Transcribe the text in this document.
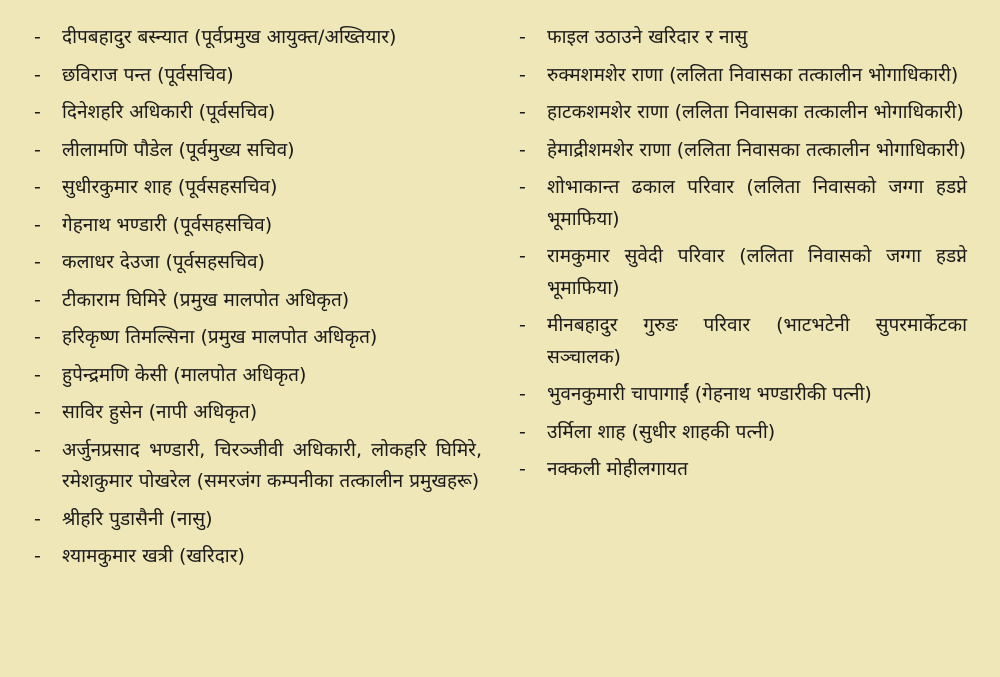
-	दीपबहादुर बस्न्यात (पूर्वप्रमुख आयुक्त/अख्तियार)
-	छविराज पन्त (पूर्वसचिव)
-	दिनेशहरि अधिकारी (पूर्वसचिव)
-	लीलामणि पौडेल (पूर्वमुख्य सचिव)
-	सुधीरकुमार शाह (पूर्वसहसचिव)
-	गेहनाथ भण्डारी (पूर्वसहसचिव)
-	कलाधर देउजा (पूर्वसहसचिव)
-	टीकाराम घिमिरे (प्रमुख मालपोत अधिकृत)
-	हरिकृष्ण तिमल्सिना (प्रमुख मालपोत अधिकृत)
-	हुपेन्द्रमणि केसी (मालपोत अधिकृत)
-	साविर हुसेन (नापी अधिकृत)
-	अर्जुनप्रसाद भण्डारी, चिरञ्जीवी अधिकारी, लोकहरि घिमिरे, रमेशकुमार पोखरेल (समरजंग कम्पनीका तत्कालीन प्रमुखहरू)
-	श्रीहरि पुडासैनी (नासु)
-	श्यामकुमार खत्री (खरिदार)
-	फाइल उठाउने खरिदार र नासु
-	रुक्मशमशेर राणा (ललिता निवासका तत्कालीन भोगाधिकारी)
-	हाटकशमशेर राणा (ललिता निवासका तत्कालीन भोगाधिकारी)
-	हेमाद्रीशमशेर राणा (ललिता निवासका तत्कालीन भोगाधिकारी)
-	शोभाकान्त ढकाल परिवार (ललिता निवासको जग्गा हडप्ने भूमाफिया)
-	रामकुमार सुवेदी परिवार (ललिता निवासको जग्गा हडप्ने भूमाफिया)
-	मीनबहादुर गुरुङ परिवार (भाटभटेनी सुपरमार्केटका सञ्चालक)
-	भुवनकुमारी चापागाईं (गेहनाथ भण्डारीकी पत्नी)
-	उर्मिला शाह (सुधीर शाहकी पत्नी)
-	नक्कली मोहीलगायत
